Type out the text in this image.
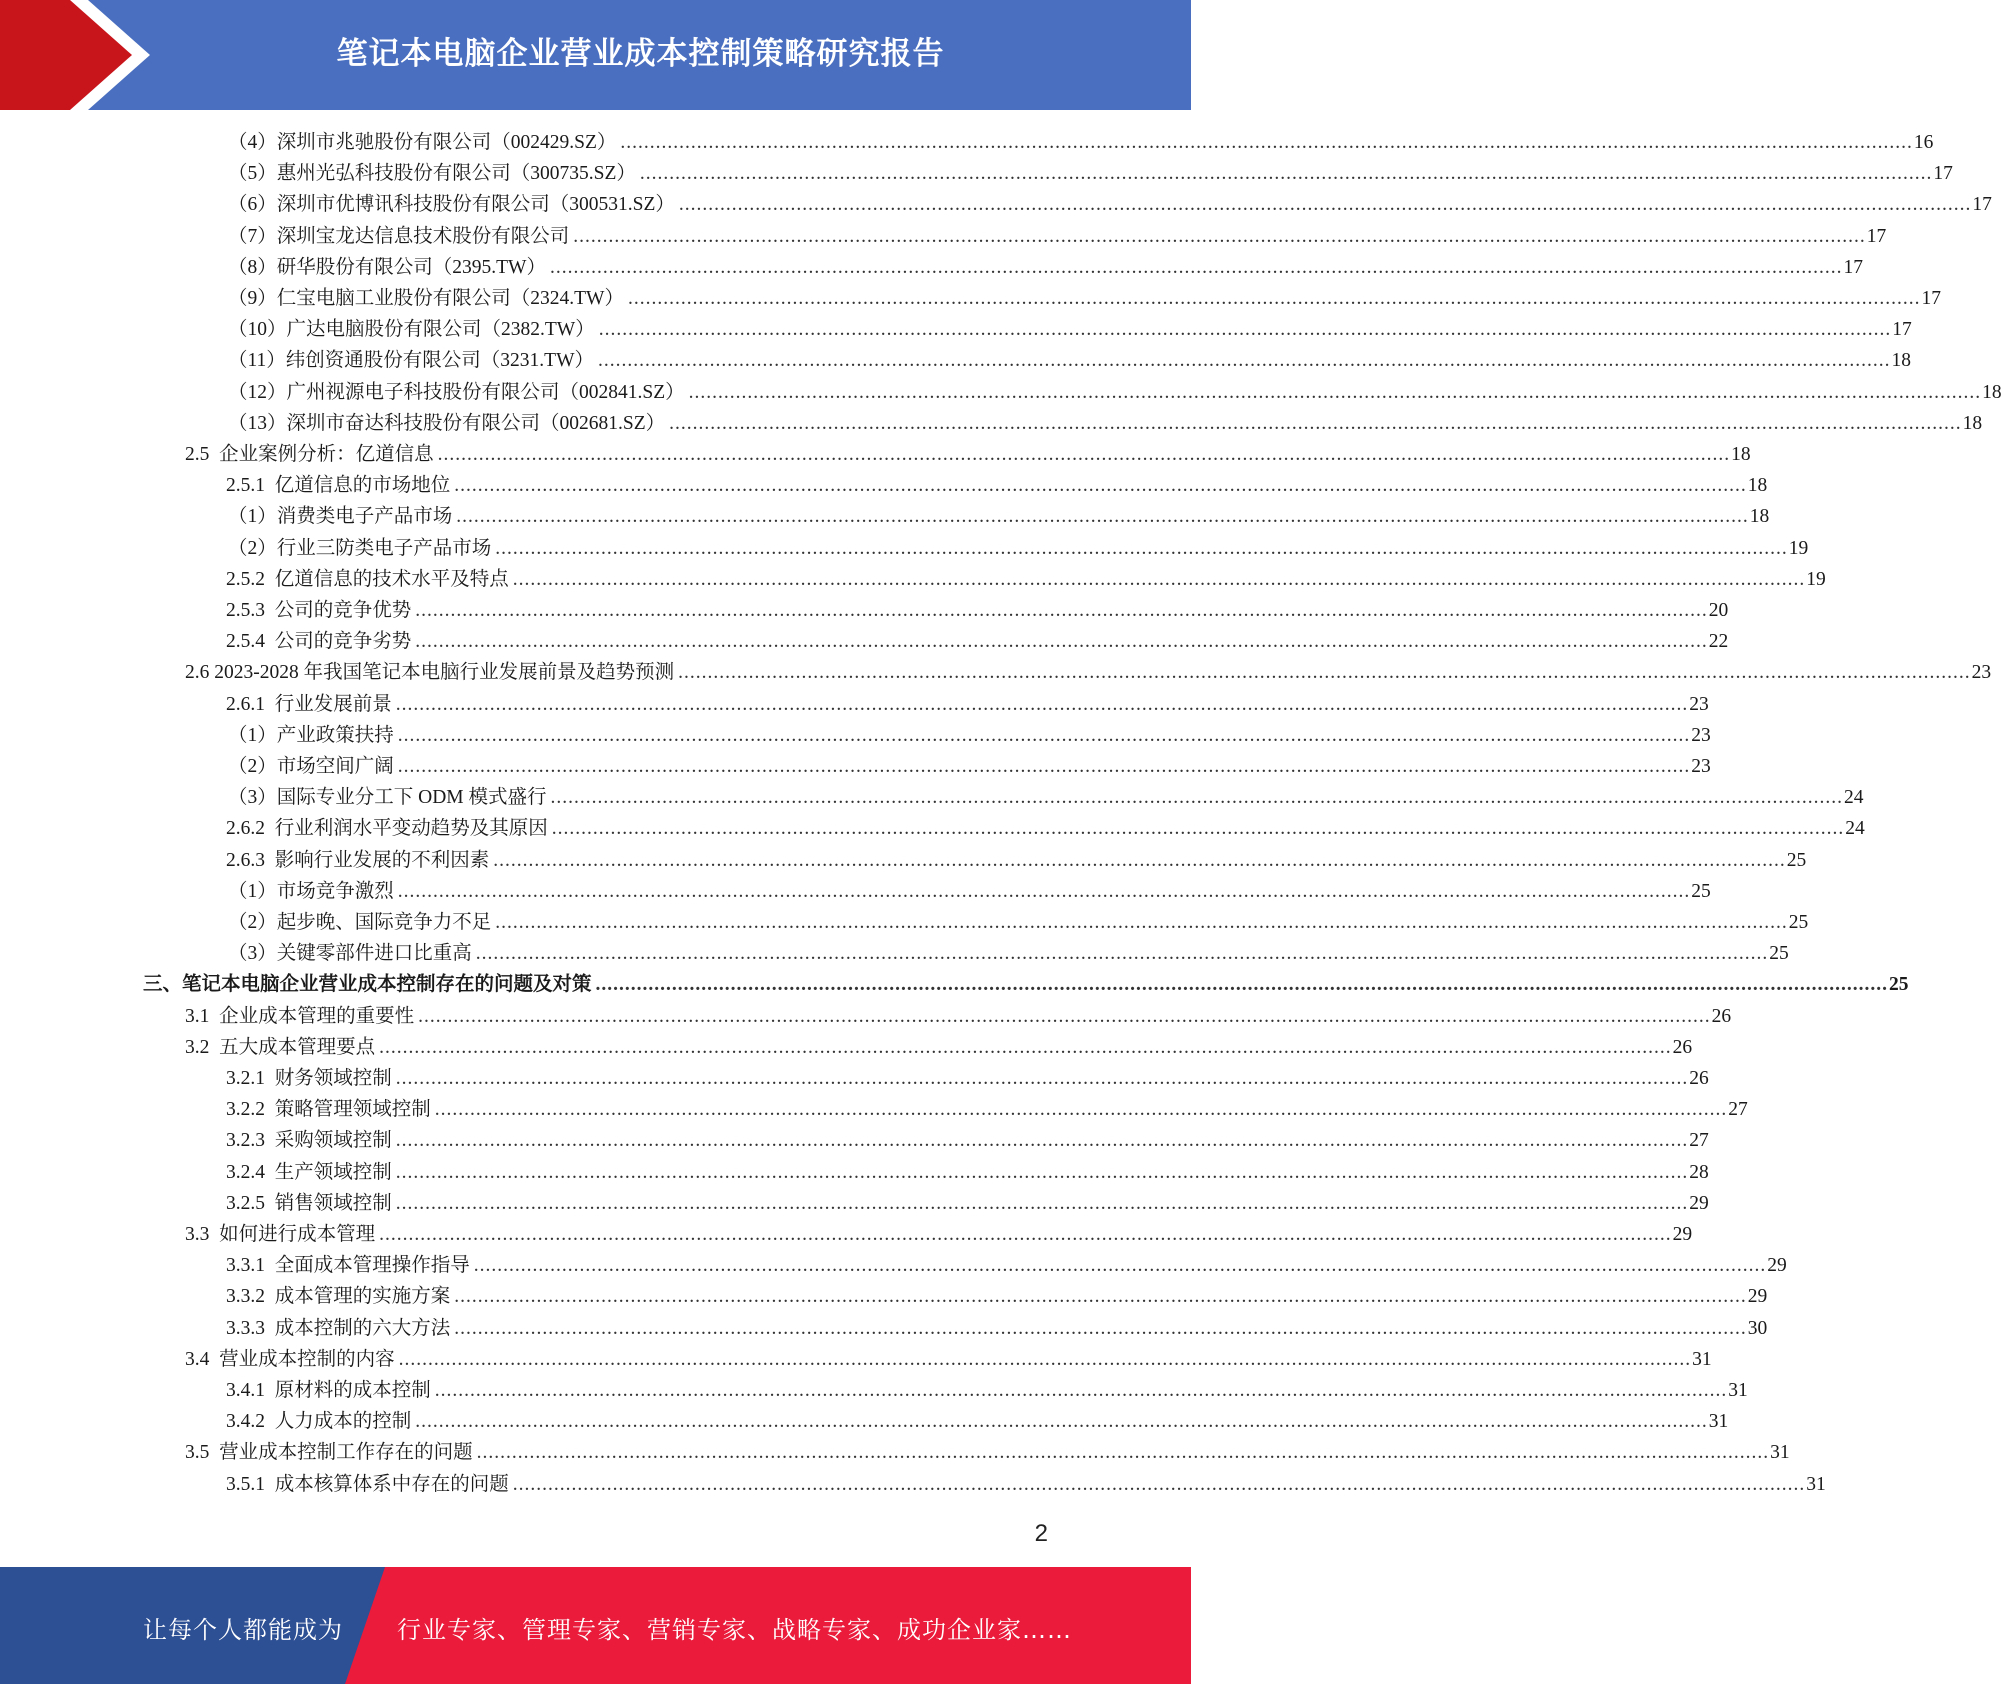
笔记本电脑企业营业成本控制策略研究报告
（4）深圳市兆驰股份有限公司（002429.SZ） ............................................................................................................................................................................................................................ 16
（5）惠州光弘科技股份有限公司（300735.SZ） ............................................................................................................................................................................................................................ 17
（6）深圳市优博讯科技股份有限公司（300531.SZ） ............................................................................................................................................................................................................................ 17
（7）深圳宝龙达信息技术股份有限公司 ............................................................................................................................................................................................................................ 17
（8）研华股份有限公司（2395.TW） ............................................................................................................................................................................................................................ 17
（9）仁宝电脑工业股份有限公司（2324.TW） ............................................................................................................................................................................................................................ 17
（10）广达电脑股份有限公司（2382.TW） ............................................................................................................................................................................................................................ 17
（11）纬创资通股份有限公司（3231.TW） ............................................................................................................................................................................................................................ 18
（12）广州视源电子科技股份有限公司（002841.SZ） ............................................................................................................................................................................................................................ 18
（13）深圳市奋达科技股份有限公司（002681.SZ） ............................................................................................................................................................................................................................ 18
2.5  企业案例分析：亿道信息 ............................................................................................................................................................................................................................ 18
2.5.1  亿道信息的市场地位 ............................................................................................................................................................................................................................ 18
（1）消费类电子产品市场 ............................................................................................................................................................................................................................ 18
（2）行业三防类电子产品市场 ............................................................................................................................................................................................................................ 19
2.5.2  亿道信息的技术水平及特点 ............................................................................................................................................................................................................................ 19
2.5.3  公司的竞争优势 ............................................................................................................................................................................................................................ 20
2.5.4  公司的竞争劣势 ............................................................................................................................................................................................................................ 22
2.6 2023-2028 年我国笔记本电脑行业发展前景及趋势预测 ............................................................................................................................................................................................................................ 23
2.6.1  行业发展前景 ............................................................................................................................................................................................................................ 23
（1）产业政策扶持 ............................................................................................................................................................................................................................ 23
（2）市场空间广阔 ............................................................................................................................................................................................................................ 23
（3）国际专业分工下 ODM 模式盛行 ............................................................................................................................................................................................................................ 24
2.6.2  行业利润水平变动趋势及其原因 ............................................................................................................................................................................................................................ 24
2.6.3  影响行业发展的不利因素 ............................................................................................................................................................................................................................ 25
（1）市场竞争激烈 ............................................................................................................................................................................................................................ 25
（2）起步晚、国际竞争力不足 ............................................................................................................................................................................................................................ 25
（3）关键零部件进口比重高 ............................................................................................................................................................................................................................ 25
三、笔记本电脑企业营业成本控制存在的问题及对策 ............................................................................................................................................................................................................................ 25
3.1  企业成本管理的重要性 ............................................................................................................................................................................................................................ 26
3.2  五大成本管理要点 ............................................................................................................................................................................................................................ 26
3.2.1  财务领域控制 ............................................................................................................................................................................................................................ 26
3.2.2  策略管理领域控制 ............................................................................................................................................................................................................................ 27
3.2.3  采购领域控制 ............................................................................................................................................................................................................................ 27
3.2.4  生产领域控制 ............................................................................................................................................................................................................................ 28
3.2.5  销售领域控制 ............................................................................................................................................................................................................................ 29
3.3  如何进行成本管理 ............................................................................................................................................................................................................................ 29
3.3.1  全面成本管理操作指导 ............................................................................................................................................................................................................................ 29
3.3.2  成本管理的实施方案 ............................................................................................................................................................................................................................ 29
3.3.3  成本控制的六大方法 ............................................................................................................................................................................................................................ 30
3.4  营业成本控制的内容 ............................................................................................................................................................................................................................ 31
3.4.1  原材料的成本控制 ............................................................................................................................................................................................................................ 31
3.4.2  人力成本的控制 ............................................................................................................................................................................................................................ 31
3.5  营业成本控制工作存在的问题 ............................................................................................................................................................................................................................ 31
3.5.1  成本核算体系中存在的问题 ............................................................................................................................................................................................................................ 31
2
让每个人都能成为 行业专家、管理专家、营销专家、战略专家、成功企业家……
